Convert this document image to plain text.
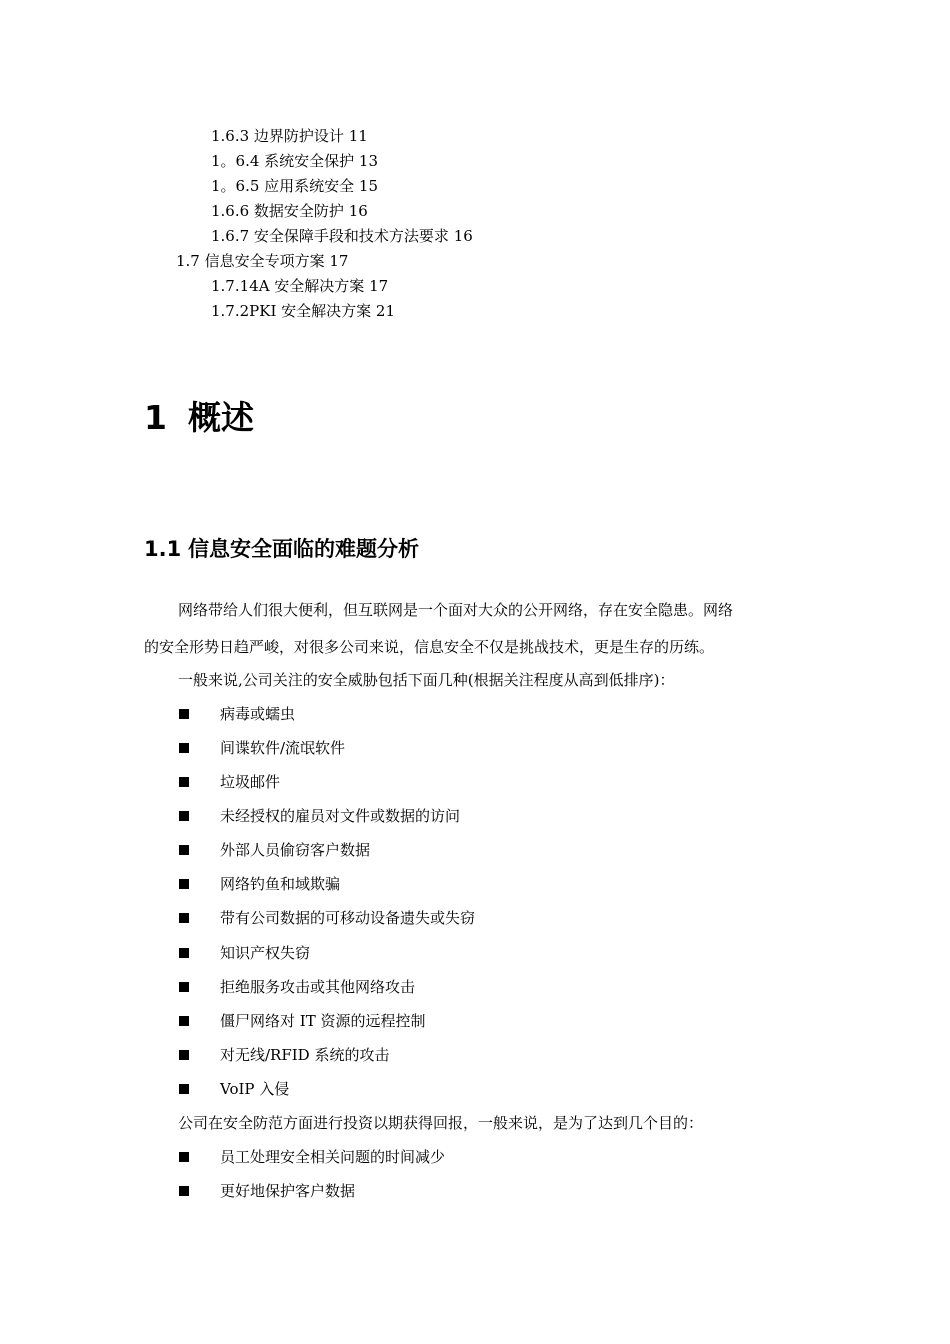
1.6.3 边界防护设计 11
1。6.4 系统安全保护 13
1。6.5 应用系统安全 15
1.6.6 数据安全防护 16
1.6.7 安全保障手段和技术方法要求 16
1.7 信息安全专项方案 17
1.7.14A 安全解决方案 17
1.7.2PKI 安全解决方案 21
1 概述
1.1 信息安全面临的难题分析
网络带给人们很大便利，但互联网是一个面对大众的公开网络，存在安全隐患。网络
的安全形势日趋严峻，对很多公司来说，信息安全不仅是挑战技术，更是生存的历练。
一般来说,公司关注的安全威胁包括下面几种(根据关注程度从高到低排序)：
病毒或蠕虫
间谍软件/流氓软件
垃圾邮件
未经授权的雇员对文件或数据的访问
外部人员偷窃客户数据
网络钓鱼和域欺骗
带有公司数据的可移动设备遗失或失窃
知识产权失窃
拒绝服务攻击或其他网络攻击
僵尸网络对 IT 资源的远程控制
对无线/RFID 系统的攻击
VoIP 入侵
公司在安全防范方面进行投资以期获得回报，一般来说，是为了达到几个目的：
员工处理安全相关问题的时间减少
更好地保护客户数据
